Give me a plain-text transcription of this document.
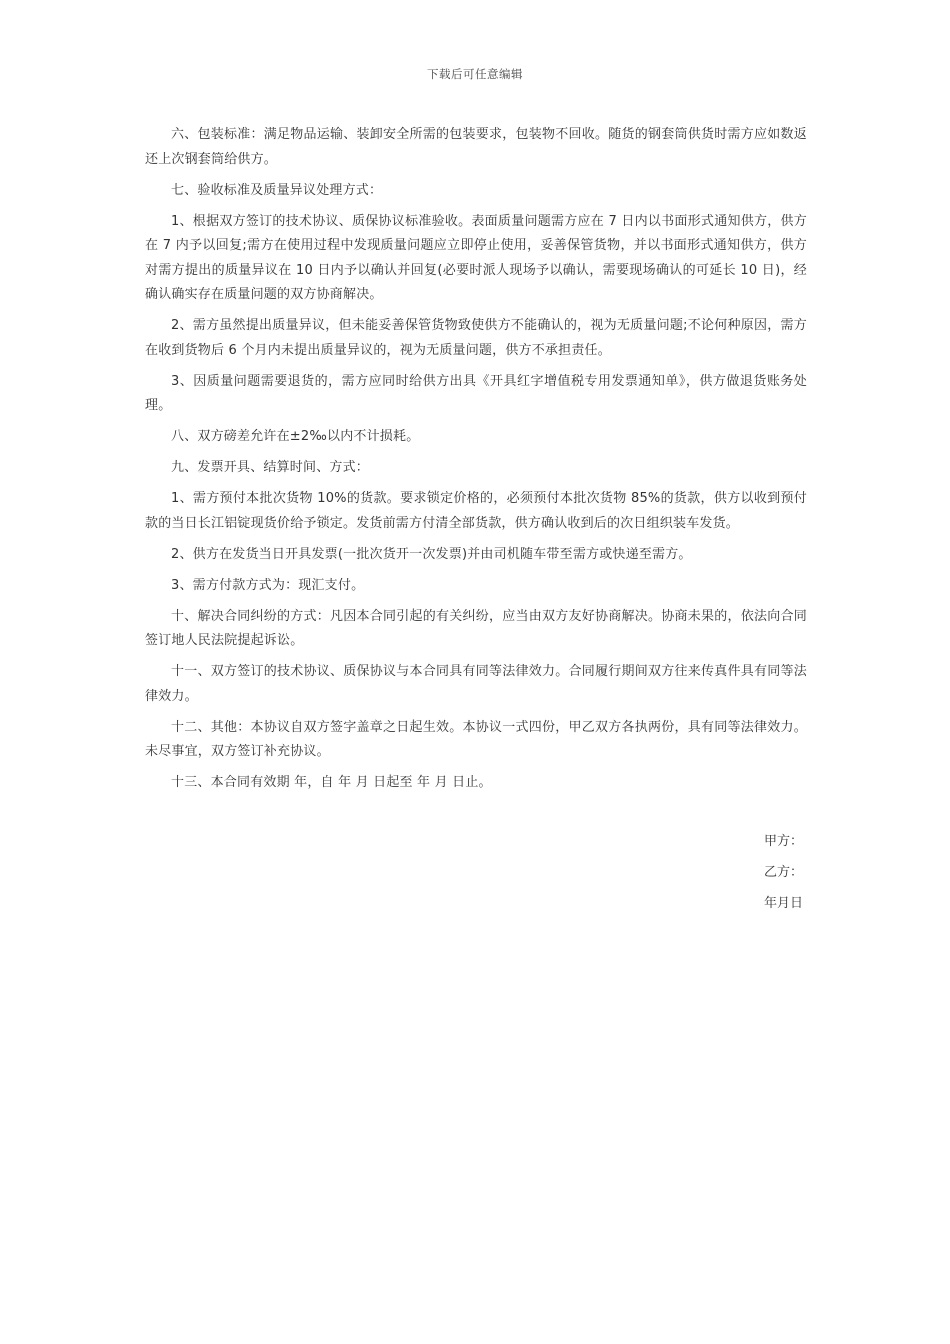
下载后可任意编辑

六、包装标准：满足物品运输、装卸安全所需的包装要求，包装物不回收。随货的钢套筒供货时需方应如数返还上次钢套筒给供方。

七、验收标准及质量异议处理方式：

1、根据双方签订的技术协议、质保协议标准验收。表面质量问题需方应在 7 日内以书面形式通知供方，供方在 7 内予以回复;需方在使用过程中发现质量问题应立即停止使用，妥善保管货物，并以书面形式通知供方，供方对需方提出的质量异议在 10 日内予以确认并回复(必要时派人现场予以确认，需要现场确认的可延长 10 日)，经确认确实存在质量问题的双方协商解决。

2、需方虽然提出质量异议，但未能妥善保管货物致使供方不能确认的，视为无质量问题;不论何种原因，需方在收到货物后 6 个月内未提出质量异议的，视为无质量问题，供方不承担责任。

3、因质量问题需要退货的，需方应同时给供方出具《开具红字增值税专用发票通知单》，供方做退货账务处理。

八、双方磅差允许在±2‰以内不计损耗。

九、发票开具、结算时间、方式：

1、需方预付本批次货物 10%的货款。要求锁定价格的，必须预付本批次货物 85%的货款，供方以收到预付款的当日长江铝锭现货价给予锁定。发货前需方付清全部货款，供方确认收到后的次日组织装车发货。

2、供方在发货当日开具发票(一批次货开一次发票)并由司机随车带至需方或快递至需方。

3、需方付款方式为：现汇支付。

十、解决合同纠纷的方式：凡因本合同引起的有关纠纷，应当由双方友好协商解决。协商未果的，依法向合同签订地人民法院提起诉讼。

十一、双方签订的技术协议、质保协议与本合同具有同等法律效力。合同履行期间双方往来传真件具有同等法律效力。

十二、其他：本协议自双方签字盖章之日起生效。本协议一式四份，甲乙双方各执两份，具有同等法律效力。未尽事宜，双方签订补充协议。

十三、本合同有效期 年，自 年 月 日起至 年 月 日止。

甲方：
乙方：
年月日
